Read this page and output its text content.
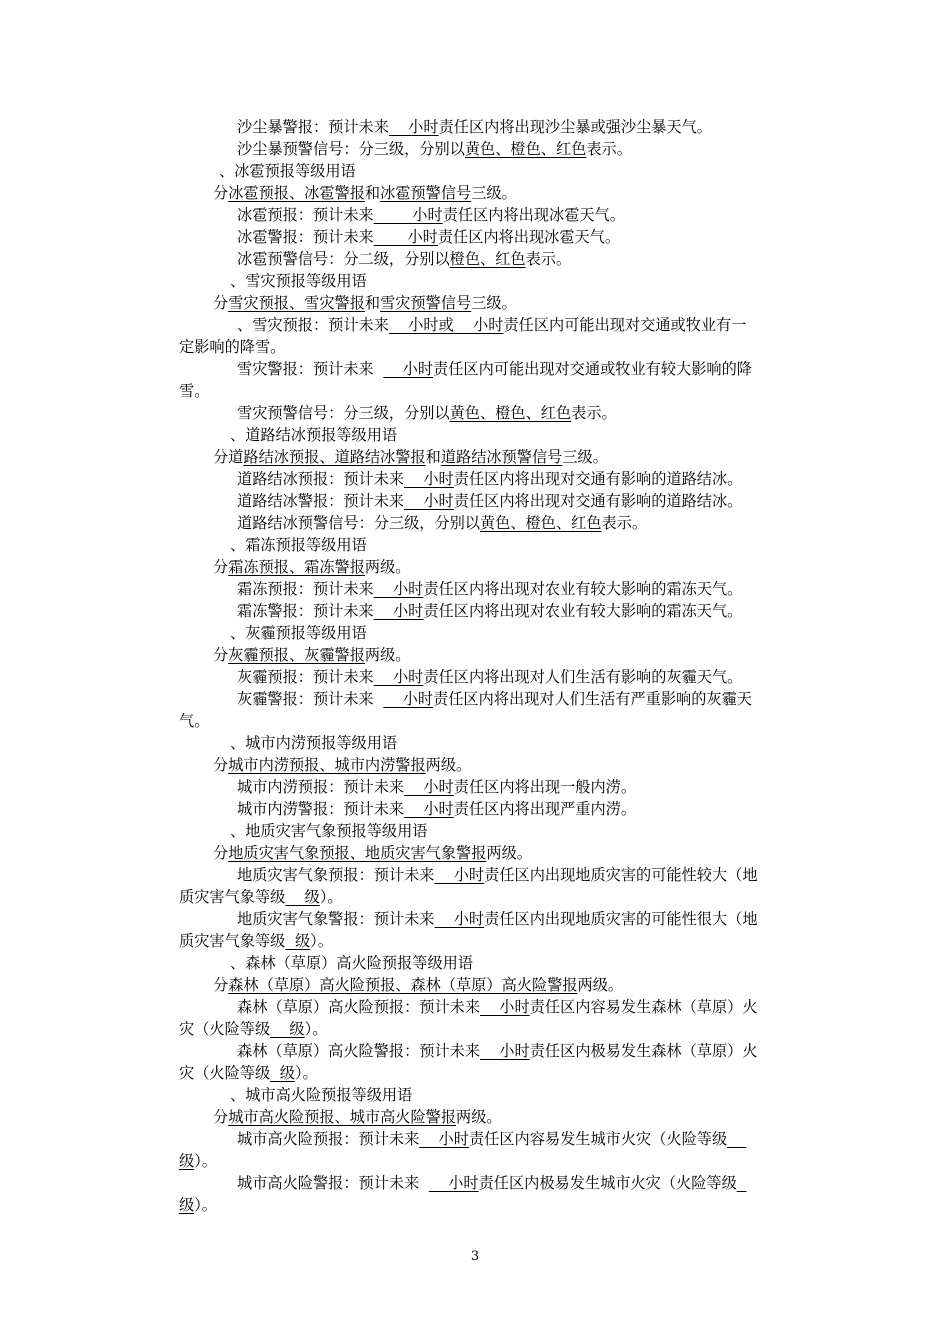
沙尘暴警报：预计未来    小时责任区内将出现沙尘暴或强沙尘暴天气。
沙尘暴预警信号：分三级，分别以黄色、橙色、红色表示。
、冰雹预报等级用语
分冰雹预报、冰雹警报和冰雹预警信号三级。
冰雹预报：预计未来        小时责任区内将出现冰雹天气。
冰雹警报：预计未来       小时责任区内将出现冰雹天气。
冰雹预警信号：分二级，分别以橙色、红色表示。
、雪灾预报等级用语
分雪灾预报、雪灾警报和雪灾预警信号三级。
、雪灾预报：预计未来    小时或    小时责任区内可能出现对交通或牧业有一
定影响的降雪。
雪灾警报：预计未来      小时责任区内可能出现对交通或牧业有较大影响的降
雪。
雪灾预警信号：分三级，分别以黄色、橙色、红色表示。
、道路结冰预报等级用语
分道路结冰预报、道路结冰警报和道路结冰预警信号三级。
道路结冰预报：预计未来    小时责任区内将出现对交通有影响的道路结冰。
道路结冰警报：预计未来    小时责任区内将出现对交通有影响的道路结冰。
道路结冰预警信号：分三级，分别以黄色、橙色、红色表示。
、霜冻预报等级用语
分霜冻预报、霜冻警报两级。
霜冻预报：预计未来    小时责任区内将出现对农业有较大影响的霜冻天气。
霜冻警报：预计未来    小时责任区内将出现对农业有较大影响的霜冻天气。
、灰霾预报等级用语
分灰霾预报、灰霾警报两级。
灰霾预报：预计未来    小时责任区内将出现对人们生活有影响的灰霾天气。
灰霾警报：预计未来      小时责任区内将出现对人们生活有严重影响的灰霾天
气。
、城市内涝预报等级用语
分城市内涝预报、城市内涝警报两级。
城市内涝预报：预计未来    小时责任区内将出现一般内涝。
城市内涝警报：预计未来    小时责任区内将出现严重内涝。
、地质灾害气象预报等级用语
分地质灾害气象预报、地质灾害气象警报两级。
地质灾害气象预报：预计未来    小时责任区内出现地质灾害的可能性较大（地
质灾害气象等级    级）。
地质灾害气象警报：预计未来    小时责任区内出现地质灾害的可能性很大（地
质灾害气象等级  级）。
、森林（草原）高火险预报等级用语
分森林（草原）高火险预报、森林（草原）高火险警报两级。
森林（草原）高火险预报：预计未来    小时责任区内容易发生森林（草原）火
灾（火险等级    级）。
森林（草原）高火险警报：预计未来    小时责任区内极易发生森林（草原）火
灾（火险等级  级）。
、城市高火险预报等级用语
分城市高火险预报、城市高火险警报两级。
城市高火险预报：预计未来    小时责任区内容易发生城市火灾（火险等级
级）。
城市高火险警报：预计未来      小时责任区内极易发生城市火灾（火险等级
级）。
3
